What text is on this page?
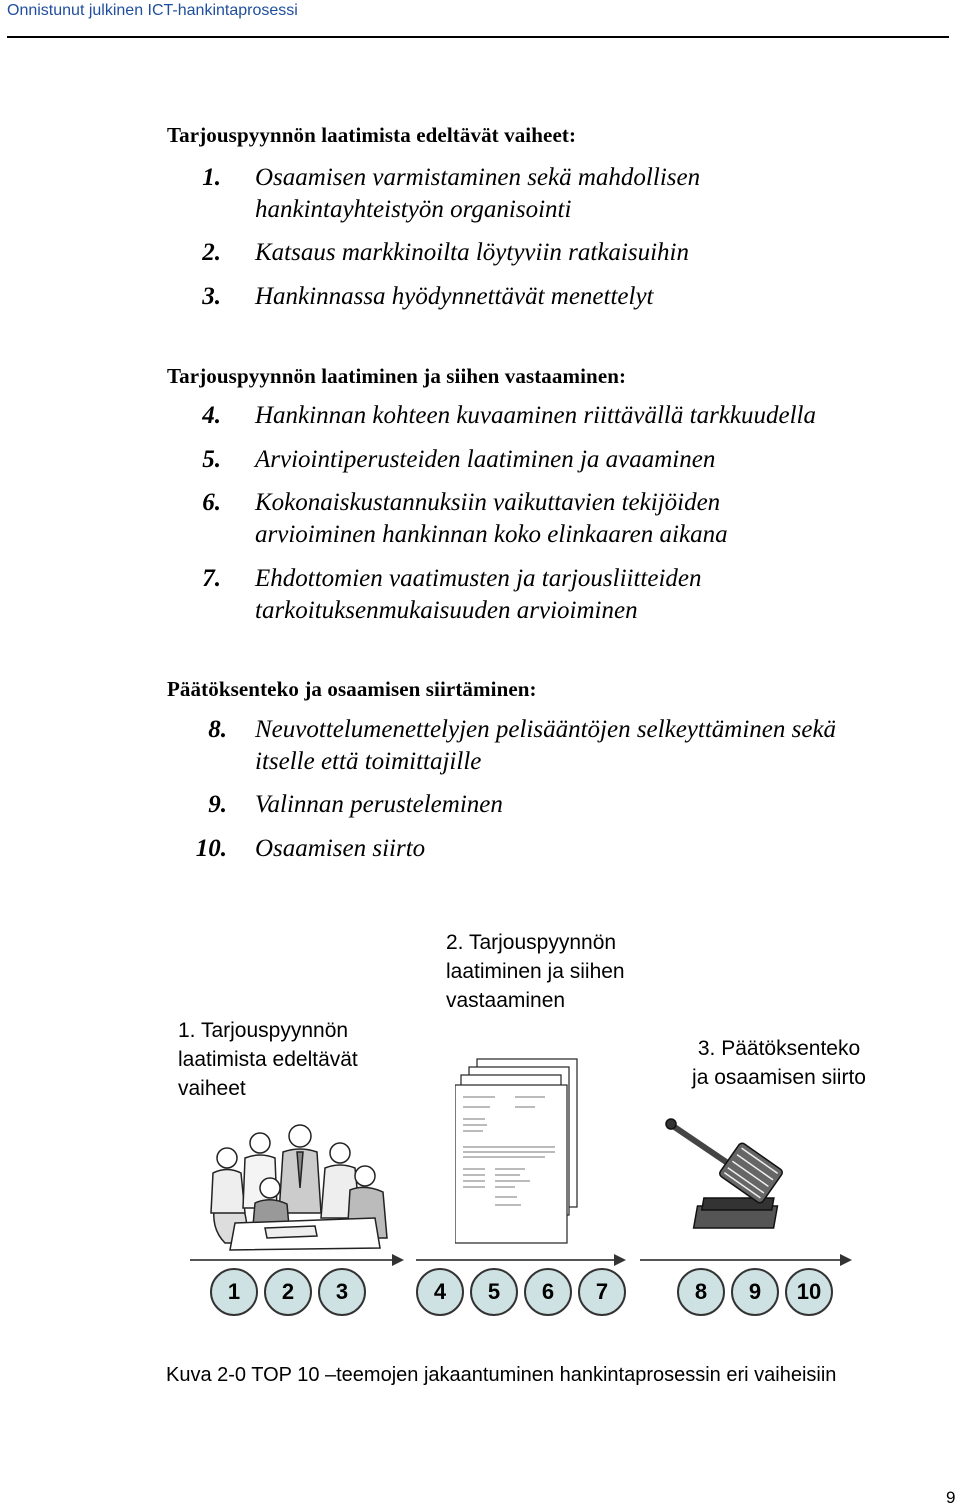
Onnistunut julkinen ICT-hankintaprosessi
Tarjouspyynnön laatimista edeltävät vaiheet:
1. Osaamisen varmistaminen sekä mahdollisen
hankintayhteistyön organisointi
2. Katsaus markkinoilta löytyviin ratkaisuihin
3. Hankinnassa hyödynnettävät menettelyt
Tarjouspyynnön laatiminen ja siihen vastaaminen:
4. Hankinnan kohteen kuvaaminen riittävällä tarkkuudella
5. Arviointiperusteiden laatiminen ja avaaminen
6. Kokonaiskustannuksiin vaikuttavien tekijöiden
arvioiminen hankinnan koko elinkaaren aikana
7. Ehdottomien vaatimusten ja tarjousliitteiden
tarkoituksenmukaisuuden arvioiminen
Päätöksenteko ja osaamisen siirtäminen:
8. Neuvottelumenettelyjen pelisääntöjen selkeyttäminen sekä
itselle että toimittajille
9. Valinnan perusteleminen
10. Osaamisen siirto
2. Tarjouspyynnön
laatiminen ja siihen
vastaaminen
1. Tarjouspyynnön
laatimista edeltävät
vaiheet
3. Päätöksenteko
ja osaamisen siirto
1	2	3	4	5	6	7	8	9	10
Kuva 2-0 TOP 10 –teemojen jakaantuminen hankintaprosessin eri vaiheisiin
9
